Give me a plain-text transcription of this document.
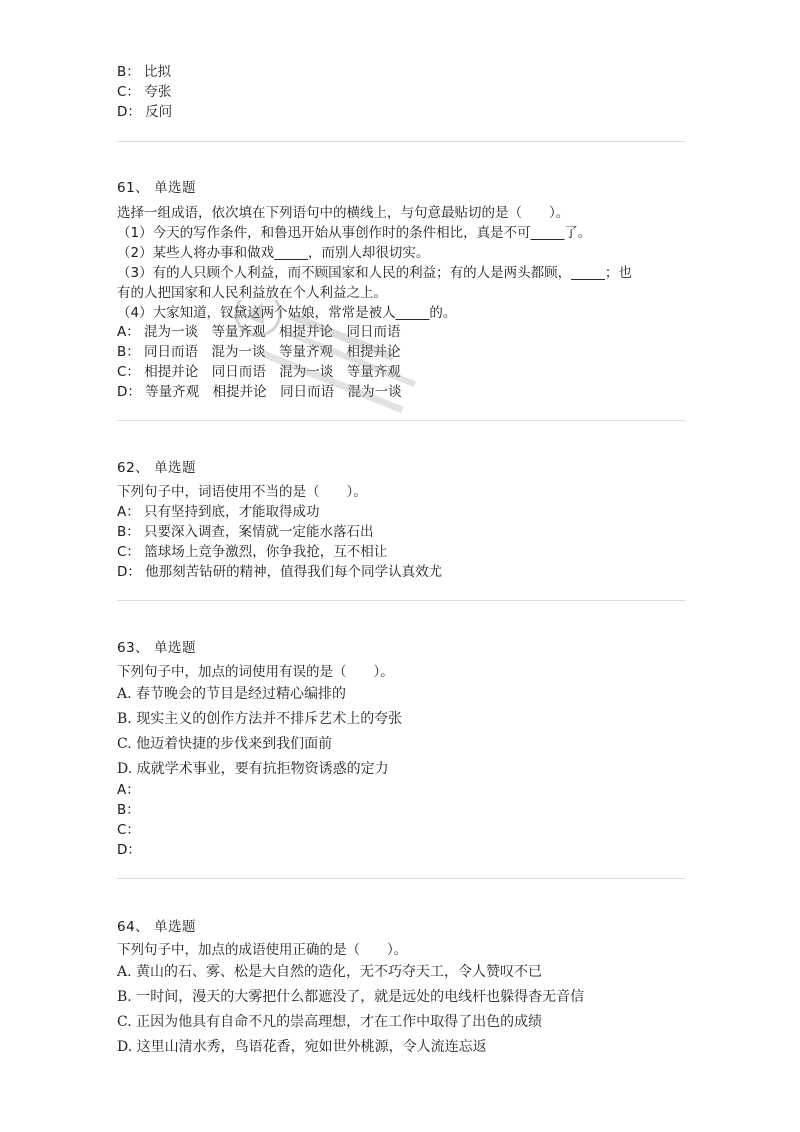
B： 比拟
C： 夸张
D： 反问
61、 单选题
选择一组成语，依次填在下列语句中的横线上，与句意最贴切的是（　　）。
（1）今天的写作条件，和鲁迅开始从事创作时的条件相比，真是不可_____了。
（2）某些人将办事和做戏_____，而别人却很切实。
（3）有的人只顾个人利益，而不顾国家和人民的利益；有的人是两头都顾，_____；也
有的人把国家和人民利益放在个人利益之上。
（4）大家知道，钗黛这两个姑娘，常常是被人_____的。
A： 混为一谈　等量齐观　相提并论　同日而语
B： 同日而语　混为一谈　等量齐观　相提并论
C： 相提并论　同日而语　混为一谈　等量齐观
D： 等量齐观　相提并论　同日而语　混为一谈
62、 单选题
下列句子中，词语使用不当的是（　　）。
A： 只有坚持到底，才能取得成功
B： 只要深入调查，案情就一定能水落石出
C： 篮球场上竞争激烈，你争我抢，互不相让
D： 他那刻苦钻研的精神，值得我们每个同学认真效尤
63、 单选题
下列句子中，加点的词使用有误的是（　　）。
A. 春节晚会的节目是经过精心编排的
B. 现实主义的创作方法并不排斥艺术上的夸张
C. 他迈着快捷的步伐来到我们面前
D. 成就学术事业，要有抗拒物资诱惑的定力
A：
B：
C：
D：
64、 单选题
下列句子中，加点的成语使用正确的是（　　）。
A. 黄山的石、雾、松是大自然的造化，无不巧夺天工，令人赞叹不已
B. 一时间，漫天的大雾把什么都遮没了，就是远处的电线杆也躲得杳无音信
C. 正因为他具有自命不凡的崇高理想，才在工作中取得了出色的成绩
D. 这里山清水秀，鸟语花香，宛如世外桃源，令人流连忘返
